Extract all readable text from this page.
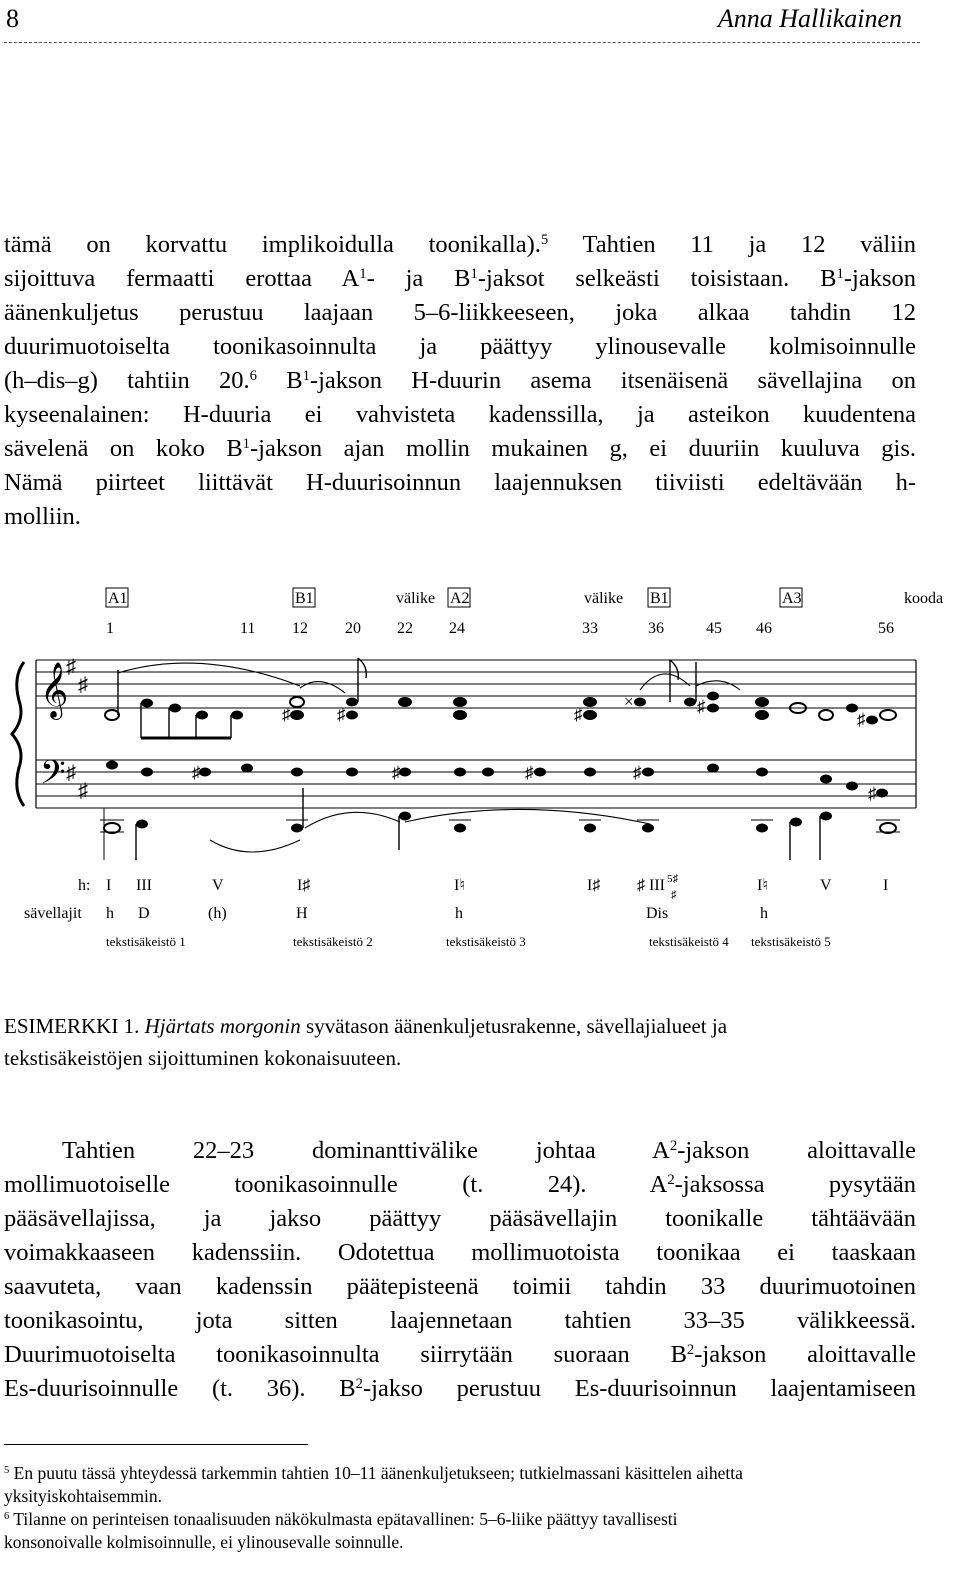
8	Anna Hallikainen
tämä on korvattu implikoidulla toonikalla).$^5$ Tahtien 11 ja 12 väliin
sijoittuva fermaatti erottaa $A^1-$ ja $B^1$-jaksot selkeästi toisistaan. $B^1$-jakson
äänenkuljetus perustuu laajaan 5–6-liikkeeseen, joka alkaa tahdin 12
duurimuotoiselta toonikasoinnulta ja päättyy ylinousevalle kolmisoinnulle
(h–dis–g) tahtiin 20.$^6$ $B^1$-jakson H-duurin asema itsenäisenä sävellajina on
kyseenalainen: H-duuria ei vahvisteta kadenssilla, ja asteikon kuudentena
sävelenä on koko $B^1$-jakson ajan mollin mukainen g, ei duuriin kuuluva gis.
Nämä piirteet liittävät H-duurisoinnun laajennuksen tiiviisti edeltävään h-
molliin.
A1	B1	välike A2	välike B1	A3	kooda
1	11 12 20 22 24	33	36	45 46	56
𝄞
𝄢
♯
♯
♯
♯
♯	♯	♯
×	♯
♯
♯	♯	♯	♯
♯
h: I III	V	I♯	I♮	I♯ ♯ III 5♯
♯
I♮	V	I
sävellajit h D	(h)	H	h	Dis	h
tekstisäkeistö 1	tekstisäkeistö 2	tekstisäkeistö 3	tekstisäkeistö 4 tekstisäkeistö 5
ESIMERKKI 1. Hjärtats morgonin syvätason äänenkuljetusrakenne, sävellajialueet ja
tekstisäkeistöjen sijoittuminen kokonaisuuteen.
Tahtien 22–23 dominanttivälike johtaa $A^2$-jakson aloittavalle
mollimuotoiselle toonikasoinnulle (t. 24). $A^2$-jaksossa pysytään
pääsävellajissa, ja jakso päättyy pääsävellajin toonikalle tähtäävään
voimakkaaseen kadenssiin. Odotettua mollimuotoista toonikaa ei taaskaan
saavuteta, vaan kadenssin päätepisteenä toimii tahdin 33 duurimuotoinen
toonikasointu, jota sitten laajennetaan tahtien 33–35 välikkeessä.
Duurimuotoiselta toonikasoinnulta siirrytään suoraan $B^2$-jakson aloittavalle
Es-duurisoinnulle (t. 36). $B^2$-jakso perustuu Es-duurisoinnun laajentamiseen

$^5$ En puutu tässä yhteydessä tarkemmin tahtien 10–11 äänenkuljetukseen; tutkielmassani käsittelen aihetta
yksityiskohtaisemmin.

$^6$ Tilanne on perinteisen tonaalisuuden näkökulmasta epätavallinen: 5–6-liike päättyy tavallisesti
konsonoivalle kolmisoinnulle, ei ylinousevalle soinnulle.
